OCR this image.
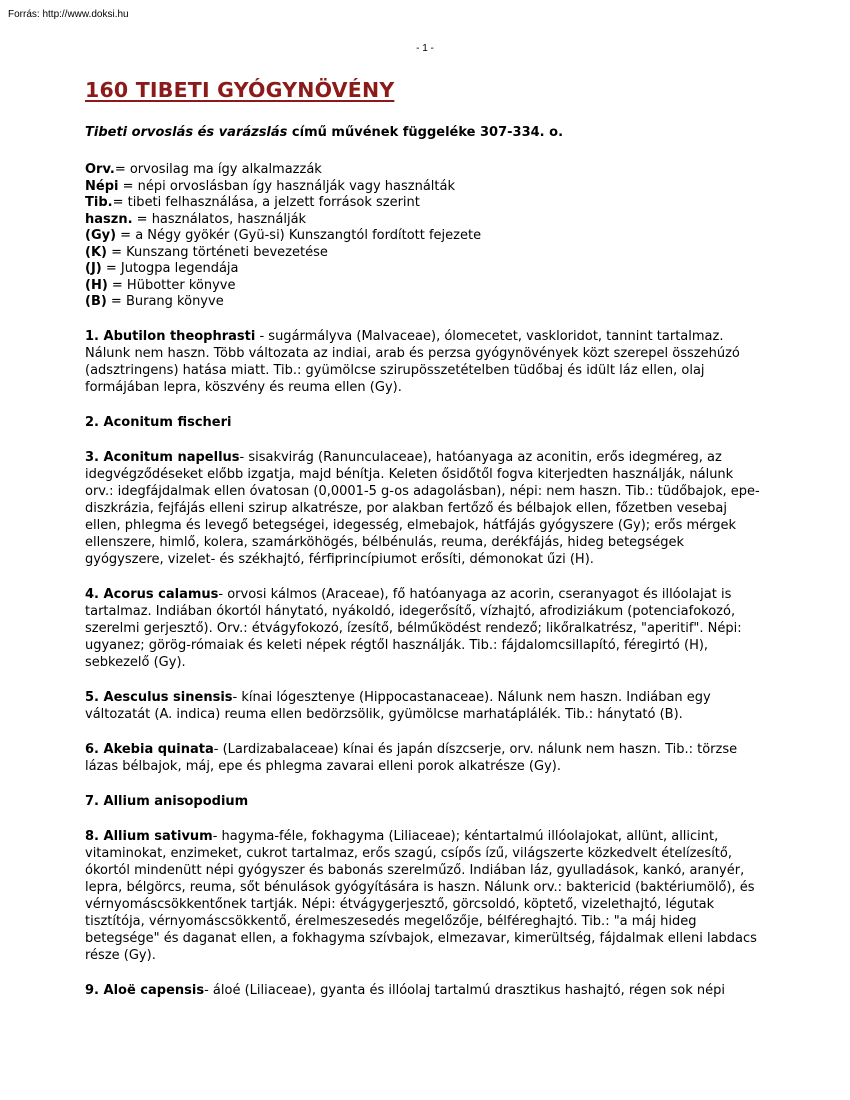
Forrás: http://www.doksi.hu
- 1 -
160 TIBETI GYÓGYNÖVÉNY

Tibeti orvoslás és varázslás című művének függeléke 307-334. o.

Orv.= orvosilag ma így alkalmazzák
Népi = népi orvoslásban így használják vagy használták
Tib.= tibeti felhasználása, a jelzett források szerint
haszn. = használatos, használják
(Gy) = a Négy gyökér (Gyü-si) Kunszangtól fordított fejezete
(K) = Kunszang történeti bevezetése
(J) = Jutogpa legendája
(H) = Hübotter könyve
(B) = Burang könyve

1. Abutilon theophrasti - sugármályva (Malvaceae), ólomecetet, vaskloridot, tannint tartalmaz. Nálunk nem haszn. Több változata az indiai, arab és perzsa gyógynövények közt szerepel összehúzó (adsztringens) hatása miatt. Tib.: gyümölcse szirupösszetételben tüdőbaj és idült láz ellen, olaj formájában lepra, köszvény és reuma ellen (Gy).

2. Aconitum fischeri

3. Aconitum napellus- sisakvirág (Ranunculaceae), hatóanyaga az aconitin, erős idegméreg, az idegvégződéseket előbb izgatja, majd bénítja. Keleten ősidőtől fogva kiterjedten használják, nálunk orv.: idegfájdalmak ellen óvatosan (0,0001-5 g-os adagolásban), népi: nem haszn. Tib.: tüdőbajok, epe-diszkrázia, fejfájás elleni szirup alkatrésze, por alakban fertőző és bélbajok ellen, főzetben vesebaj ellen, phlegma és levegő betegségei, idegesség, elmebajok, hátfájás gyógyszere (Gy); erős mérgek ellenszere, himlő, kolera, szamárköhögés, bélbénulás, reuma, derékfájás, hideg betegségek gyógyszere, vizelet- és székhajtó, férfiprincípiumot erősíti, démonokat űzi (H).

4. Acorus calamus- orvosi kálmos (Araceae), fő hatóanyaga az acorin, cseranyagot és illóolajat is tartalmaz. Indiában ókortól hánytató, nyákoldó, idegerősítő, vízhajtó, afrodiziákum (potenciafokozó, szerelmi gerjesztő). Orv.: étvágyfokozó, ízesítő, bélműködést rendező; likőralkatrész, "aperitif". Népi: ugyanez; görög-rómaiak és keleti népek régtől használják. Tib.: fájdalomcsillapító, féregirtó (H), sebkezelő (Gy).

5. Aesculus sinensis- kínai lógesztenye (Hippocastanaceae). Nálunk nem haszn. Indiában egy változatát (A. indica) reuma ellen bedörzsölik, gyümölcse marhatáplálék. Tib.: hánytató (B).

6. Akebia quinata- (Lardizabalaceae) kínai és japán díszcserje, orv. nálunk nem haszn. Tib.: törzse lázas bélbajok, máj, epe és phlegma zavarai elleni porok alkatrésze (Gy).

7. Allium anisopodium

8. Allium sativum- hagyma-féle, fokhagyma (Liliaceae); kéntartalmú illóolajokat, allünt, allicint, vitaminokat, enzimeket, cukrot tartalmaz, erős szagú, csípős ízű, világszerte közkedvelt ételízesítő, ókortól mindenütt népi gyógyszer és babonás szerelműző. Indiában láz, gyulladások, kankó, aranyér, lepra, bélgörcs, reuma, sőt bénulások gyógyítására is haszn. Nálunk orv.: baktericid (baktériumölő), és vérnyomáscsökkentőnek tartják. Népi: étvágygerjesztő, görcsoldó, köptető, vizelethajtó, légutak tisztítója, vérnyomáscsökkentő, érelmeszesedés megelőzője, bélféreghajtó. Tib.: "a máj hideg betegsége" és daganat ellen, a fokhagyma szívbajok, elmezavar, kimerültség, fájdalmak elleni labdacs része (Gy).

9. Aloë capensis- áloé (Liliaceae), gyanta és illóolaj tartalmú drasztikus hashajtó, régen sok népi
